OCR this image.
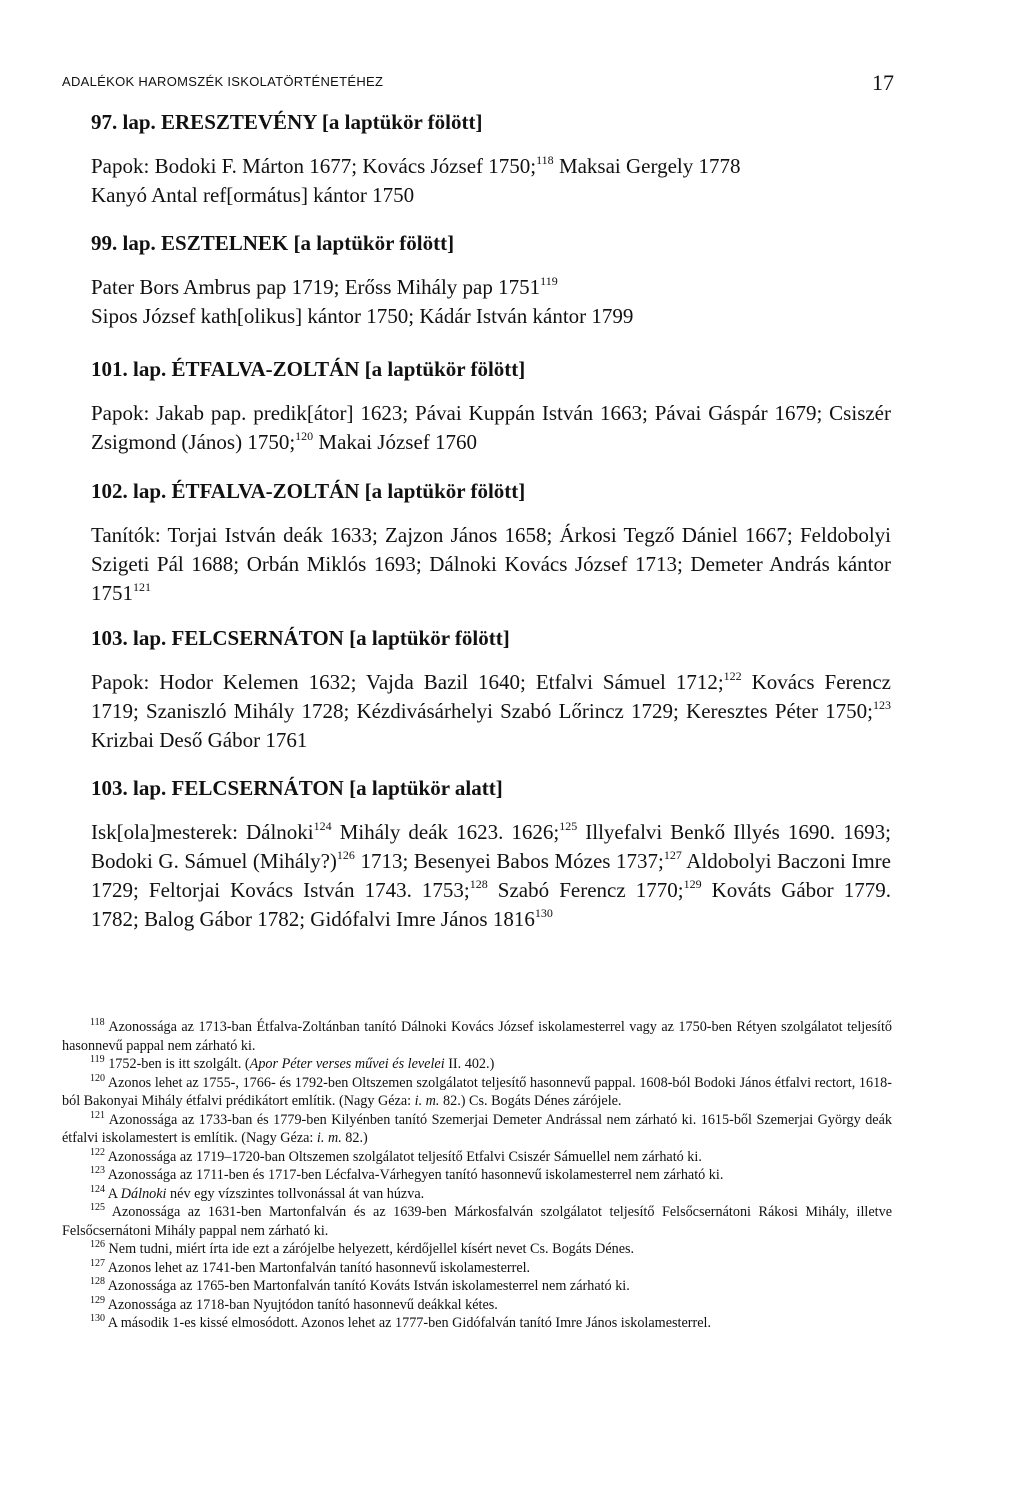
ADALÉKOK HAROMSZÉK ISKOLATÖRTÉNETÉHEZ	17

97. lap. ERESZTEVÉNY [a laptükör fölött]

Papok: Bodoki F. Márton 1677; Kovács József 1750;$^{118}$ Maksai Gergely 1778
Kanyó Antal ref[ormátus] kántor 1750

99. lap. ESZTELNEK [a laptükör fölött]

Pater Bors Ambrus pap 1719; Erőss Mihály pap 1751$^{119}$
Sipos József kath[olikus] kántor 1750; Kádár István kántor 1799

101. lap. ÉTFALVA-ZOLTÁN [a laptükör fölött]

Papok: Jakab pap. predik[átor] 1623; Pávai Kuppán István 1663; Pávai Gáspár 1679; Csiszér Zsigmond (János) 1750;$^{120}$ Makai József 1760

102. lap. ÉTFALVA-ZOLTÁN [a laptükör fölött]

Tanítók: Torjai István deák 1633; Zajzon János 1658; Árkosi Tegző Dániel 1667; Feldobolyi Szigeti Pál 1688; Orbán Miklós 1693; Dálnoki Kovács József 1713; Demeter András kántor 1751$^{121}$

103. lap. FELCSERNÁTON [a laptükör fölött]

Papok: Hodor Kelemen 1632; Vajda Bazil 1640; Etfalvi Sámuel 1712;$^{122}$ Kovács Ferencz 1719; Szaniszló Mihály 1728; Kézdivásárhelyi Szabó Lőrincz 1729; Keresztes Péter 1750;$^{123}$ Krizbai Deső Gábor 1761

103. lap. FELCSERNÁTON [a laptükör alatt]

Isk[ola]mesterek: Dálnoki$^{124}$ Mihály deák 1623. 1626;$^{125}$ Illyefalvi Benkő Illyés 1690. 1693; Bodoki G. Sámuel (Mihály?)$^{126}$ 1713; Besenyei Babos Mózes 1737;$^{127}$ Aldobolyi Baczoni Imre 1729; Feltorjai Kovács István 1743. 1753;$^{128}$ Szabó Ferencz 1770;$^{129}$ Kováts Gábor 1779. 1782; Balog Gábor 1782; Gidófalvi Imre János 1816$^{130}$

$^{118}$ Azonossága az 1713-ban Étfalva-Zoltánban tanító Dálnoki Kovács József iskolamesterrel vagy az 1750-ben Rétyen szolgálatot teljesítő hasonnevű pappal nem zárható ki.

$^{119}$ 1752-ben is itt szolgált. (Apor Péter verses művei és levelei II. 402.)

$^{120}$ Azonos lehet az 1755-, 1766- és 1792-ben Oltszemen szolgálatot teljesítő hasonnevű pappal. 1608-ból Bodoki János étfalvi rectort, 1618-ból Bakonyai Mihály étfalvi prédikátort említik. (Nagy Géza: i. m. 82.) Cs. Bogáts Dénes zárójele.

$^{121}$ Azonossága az 1733-ban és 1779-ben Kilyénben tanító Szemerjai Demeter Andrással nem zárható ki. 1615-ből Szemerjai György deák étfalvi iskolamestert is említik. (Nagy Géza: i. m. 82.)

$^{122}$ Azonossága az 1719–1720-ban Oltszemen szolgálatot teljesítő Etfalvi Csiszér Sámuellel nem zárható ki.

$^{123}$ Azonossága az 1711-ben és 1717-ben Lécfalva-Várhegyen tanító hasonnevű iskolamesterrel nem zárható ki.

$^{124}$ A Dálnoki név egy vízszintes tollvonással át van húzva.

$^{125}$ Azonossága az 1631-ben Martonfalván és az 1639-ben Márkosfalván szolgálatot teljesítő Felsőcsernátoni Rákosi Mihály, illetve Felsőcsernátoni Mihály pappal nem zárható ki.

$^{126}$ Nem tudni, miért írta ide ezt a zárójelbe helyezett, kérdőjellel kísért nevet Cs. Bogáts Dénes.

$^{127}$ Azonos lehet az 1741-ben Martonfalván tanító hasonnevű iskolamesterrel.

$^{128}$ Azonossága az 1765-ben Martonfalván tanító Kováts István iskolamesterrel nem zárható ki.

$^{129}$ Azonossága az 1718-ban Nyujtódon tanító hasonnevű deákkal kétes.

$^{130}$ A második 1-es kissé elmosódott. Azonos lehet az 1777-ben Gidófalván tanító Imre János iskolamesterrel.
